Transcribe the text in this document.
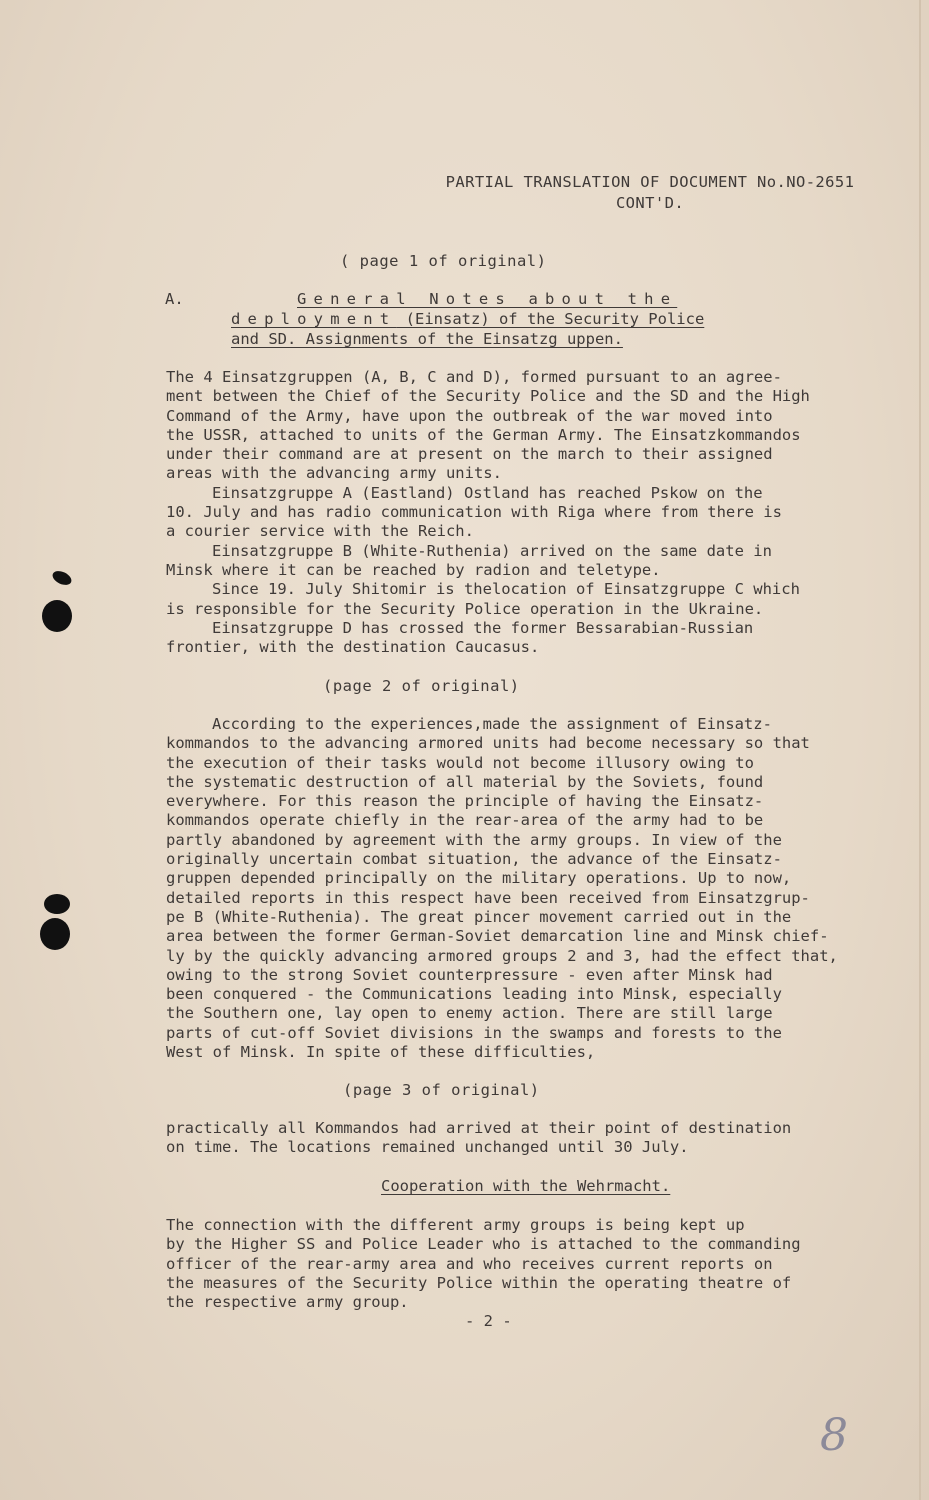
PARTIAL TRANSLATION OF DOCUMENT No.NO-2651
CONT'D.
( page 1 of original)
A.	General Notes about the
deployment (Einsatz) of the Security Police
and SD. Assignments of the Einsatzg uppen.
The 4 Einsatzgruppen (A, B, C and D), formed pursuant to an agree-
ment between the Chief of the Security Police and the SD and the High
Command of the Army, have upon the outbreak of the war moved into
the USSR, attached to units of the German Army. The Einsatzkommandos
under their command are at present on the march to their assigned
areas with the advancing army units.
Einsatzgruppe A (Eastland) Ostland has reached Pskow on the
10. July and has radio communication with Riga where from there is
a courier service with the Reich.
Einsatzgruppe B (White-Ruthenia) arrived on the same date in
Minsk where it can be reached by radion and teletype.
Since 19. July Shitomir is thelocation of Einsatzgruppe C which
is responsible for the Security Police operation in the Ukraine.
Einsatzgruppe D has crossed the former Bessarabian-Russian
frontier, with the destination Caucasus.
(page 2 of original)
According to the experiences,made the assignment of Einsatz-
kommandos to the advancing armored units had become necessary so that
the execution of their tasks would not become illusory owing to
the systematic destruction of all material by the Soviets, found
everywhere. For this reason the principle of having the Einsatz-
kommandos operate chiefly in the rear-area of the army had to be
partly abandoned by agreement with the army groups. In view of the
originally uncertain combat situation, the advance of the Einsatz-
gruppen depended principally on the military operations. Up to now,
detailed reports in this respect have been received from Einsatzgrup-
pe B (White-Ruthenia). The great pincer movement carried out in the
area between the former German-Soviet demarcation line and Minsk chief-
ly by the quickly advancing armored groups 2 and 3, had the effect that,
owing to the strong Soviet counterpressure - even after Minsk had
been conquered - the Communications leading into Minsk, especially
the Southern one, lay open to enemy action. There are still large
parts of cut-off Soviet divisions in the swamps and forests to the
West of Minsk. In spite of these difficulties,
(page 3 of original)
practically all Kommandos had arrived at their point of destination
on time. The locations remained unchanged until 30 July.
Cooperation with the Wehrmacht.
The connection with the different army groups is being kept up
by the Higher SS and Police Leader who is attached to the commanding
officer of the rear-army area and who receives current reports on
the measures of the Security Police within the operating theatre of
the respective army group.
- 2 -
8
